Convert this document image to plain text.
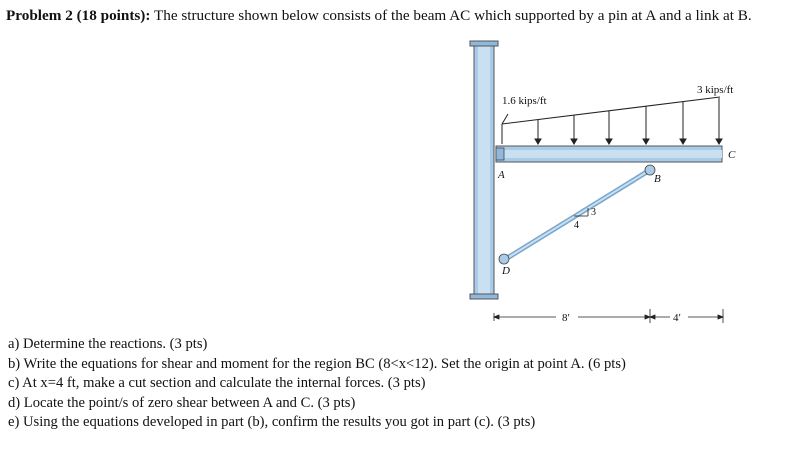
Problem 2 (18 points): The structure shown below consists of the beam AC which supported by a pin at A and a link at B.
3
4
1.6 kips/ft
3 kips/ft
A	B
C
D
8′	4′
a) Determine the reactions. (3 pts)
b) Write the equations for shear and moment for the region BC (8<x<12). Set the origin at point A. (6 pts)
c) At x=4 ft, make a cut section and calculate the internal forces. (3 pts)
d) Locate the point/s of zero shear between A and C. (3 pts)
e) Using the equations developed in part (b), confirm the results you got in part (c). (3 pts)
